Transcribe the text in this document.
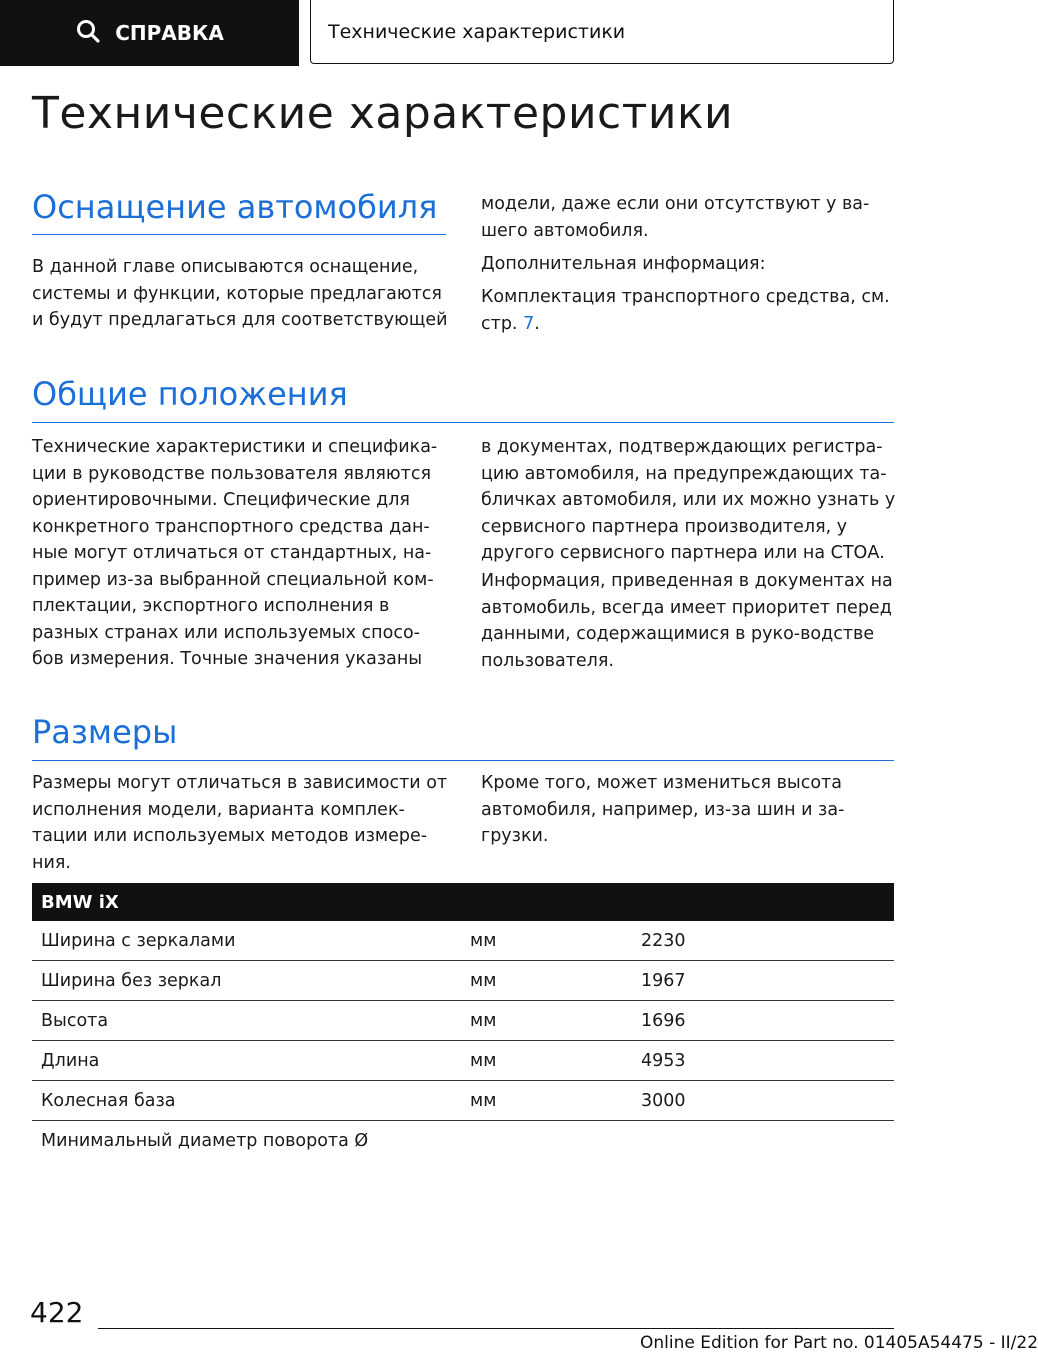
СПРАВКА	Технические характеристики
Технические характеристики
Оснащение автомобиля

В данной главе описываются оснащение, системы и функции, которые предлагаются и будут предлагаться для соответствующей

модели, даже если они отсутствуют у ва-шего автомобиля.

Дополнительная информация:

Комплектация транспортного средства, см. стр. 7.

Общие положения

Технические характеристики и специфика-ции в руководстве пользователя являются ориентировочными. Специфические для конкретного транспортного средства дан-ные могут отличаться от стандартных, на-пример из-за выбранной специальной ком-плектации, экспортного исполнения в разных странах или используемых спосо-бов измерения. Точные значения указаны

в документах, подтверждающих регистра-цию автомобиля, на предупреждающих та-бличках автомобиля, или их можно узнать у сервисного партнера производителя, у другого сервисного партнера или на СТОА.

Информация, приведенная в документах на автомобиль, всегда имеет приоритет перед данными, содержащимися в руко-водстве пользователя.

Размеры

Размеры могут отличаться в зависимости от исполнения модели, варианта комплек-тации или используемых методов измере-ния.

Кроме того, может измениться высота автомобиля, например, из-за шин и за-грузки.

BMW iX
Ширина с зеркалами	мм	2230
Ширина без зеркал	мм	1967
Высота	мм	1696
Длина	мм	4953
Колесная база	мм	3000
Минимальный диаметр поворота Ø
422
Online Edition for Part no. 01405A54475 - II/22
